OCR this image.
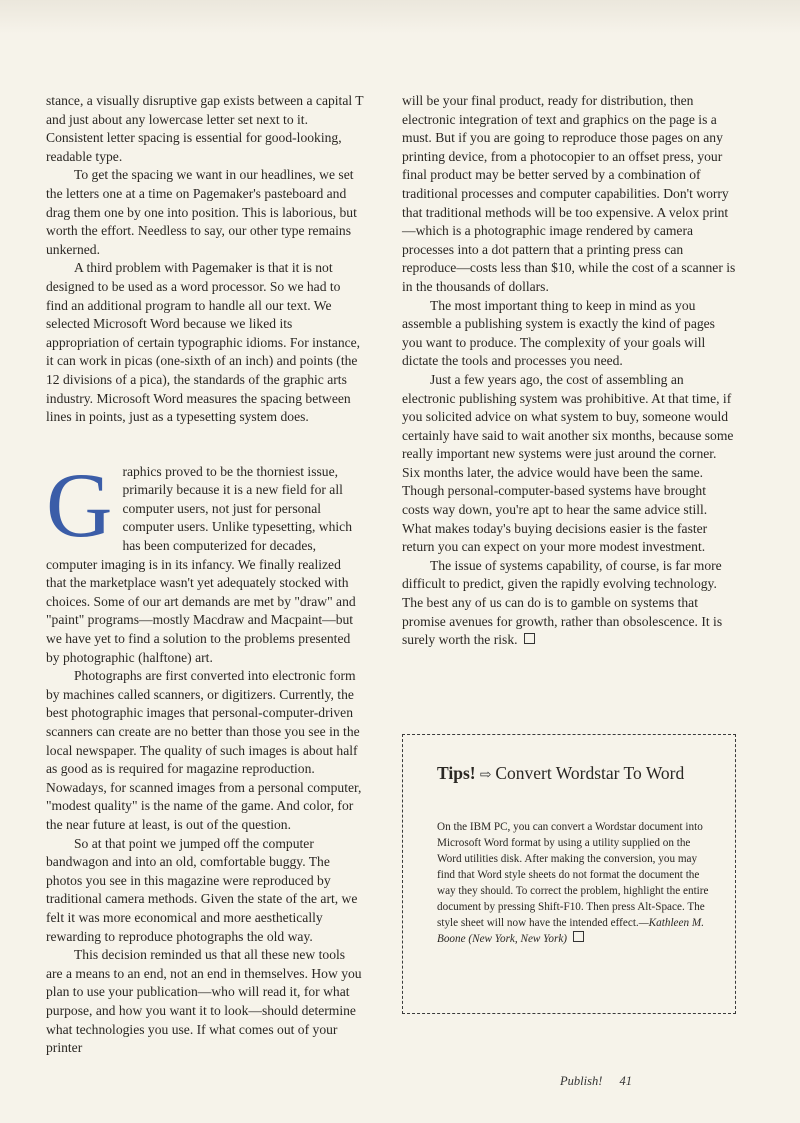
stance, a visually disruptive gap exists between a capital T and just about any lowercase letter set next to it. Consistent letter spacing is essential for good-looking, readable type.

To get the spacing we want in our headlines, we set the letters one at a time on Pagemaker's pasteboard and drag them one by one into position. This is laborious, but worth the effort. Needless to say, our other type remains unkerned.

A third problem with Pagemaker is that it is not designed to be used as a word processor. So we had to find an additional program to handle all our text. We selected Microsoft Word because we liked its appropriation of certain typographic idioms. For instance, it can work in picas (one-sixth of an inch) and points (the 12 divisions of a pica), the standards of the graphic arts industry. Microsoft Word measures the spacing between lines in points, just as a typesetting system does.

Graphics proved to be the thorniest issue, primarily because it is a new field for all computer users, not just for personal computer users. Unlike typesetting, which has been computerized for decades, computer imaging is in its infancy. We finally realized that the marketplace wasn't yet adequately stocked with choices. Some of our art demands are met by "draw" and "paint" programs—mostly Macdraw and Macpaint—but we have yet to find a solution to the problems presented by photographic (halftone) art.

Photographs are first converted into electronic form by machines called scanners, or digitizers. Currently, the best photographic images that personal-computer-driven scanners can create are no better than those you see in the local newspaper. The quality of such images is about half as good as is required for magazine reproduction. Nowadays, for scanned images from a personal computer, "modest quality" is the name of the game. And color, for the near future at least, is out of the question.

So at that point we jumped off the computer bandwagon and into an old, comfortable buggy. The photos you see in this magazine were reproduced by traditional camera methods. Given the state of the art, we felt it was more economical and more aesthetically rewarding to reproduce photographs the old way.

This decision reminded us that all these new tools are a means to an end, not an end in themselves. How you plan to use your publication—who will read it, for what purpose, and how you want it to look—should determine what technologies you use. If what comes out of your printer

will be your final product, ready for distribution, then electronic integration of text and graphics on the page is a must. But if you are going to reproduce those pages on any printing device, from a photocopier to an offset press, your final product may be better served by a combination of traditional processes and computer capabilities. Don't worry that traditional methods will be too expensive. A velox print—which is a photographic image rendered by camera processes into a dot pattern that a printing press can reproduce—costs less than $10, while the cost of a scanner is in the thousands of dollars.

The most important thing to keep in mind as you assemble a publishing system is exactly the kind of pages you want to produce. The complexity of your goals will dictate the tools and processes you need.

Just a few years ago, the cost of assembling an electronic publishing system was prohibitive. At that time, if you solicited advice on what system to buy, someone would certainly have said to wait another six months, because some really important new systems were just around the corner. Six months later, the advice would have been the same. Though personal-computer-based systems have brought costs way down, you're apt to hear the same advice still. What makes today's buying decisions easier is the faster return you can expect on your more modest investment.

The issue of systems capability, of course, is far more difficult to predict, given the rapidly evolving technology. The best any of us can do is to gamble on systems that promise avenues for growth, rather than obsolescence. It is surely worth the risk.

Tips! ⇨ Convert Wordstar To Word
On the IBM PC, you can convert a Wordstar document into Microsoft Word format by using a utility supplied on the Word utilities disk. After making the conversion, you may find that Word style sheets do not format the document the way they should. To correct the problem, highlight the entire document by pressing Shift-F10. Then press Alt-Space. The style sheet will now have the intended effect.—Kathleen M. Boone (New York, New York)
Publish! 41
